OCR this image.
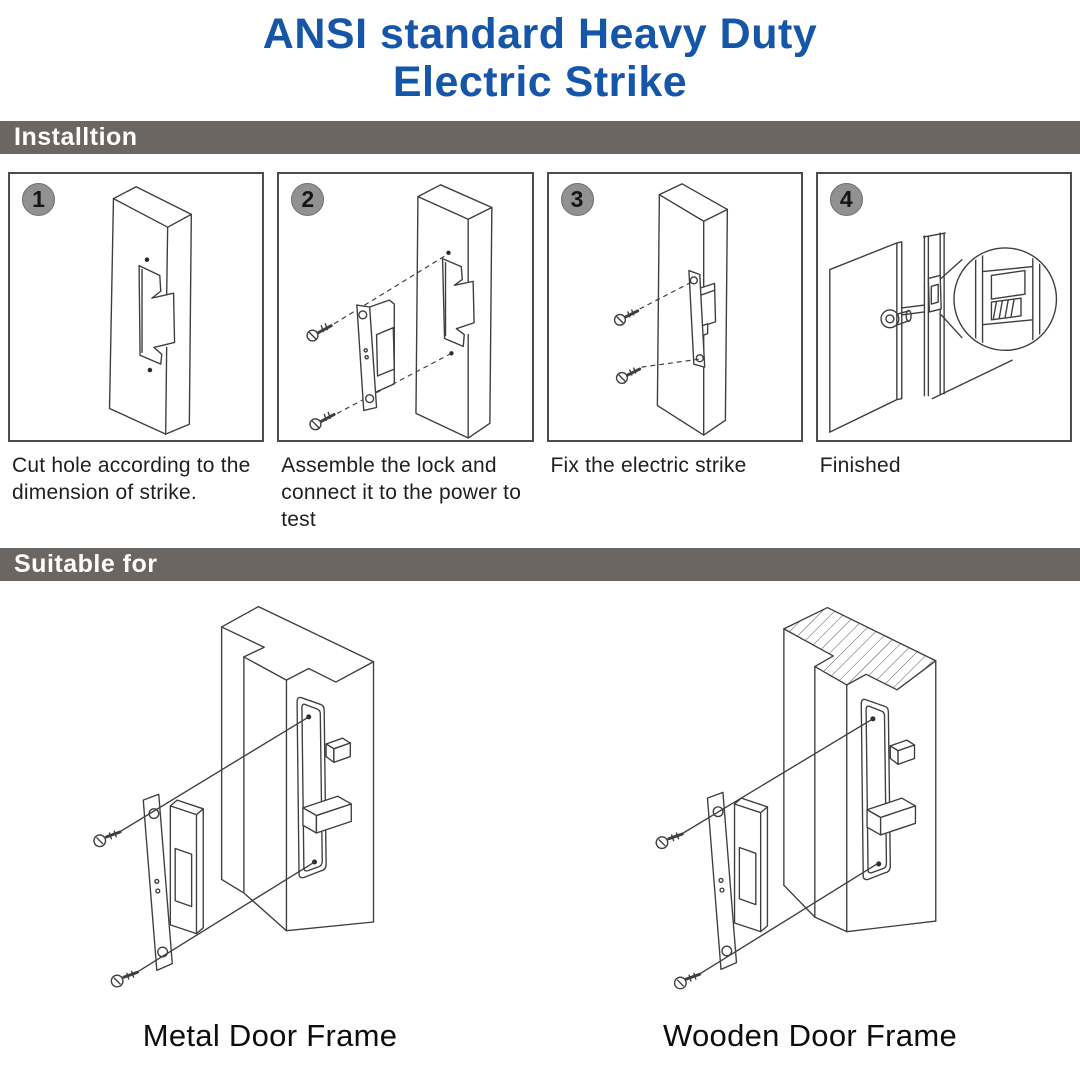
ANSI standard Heavy Duty
Electric Strike
Installtion
1	2	3	4
Cut hole according to the dimension of strike.
Assemble the lock and connect it to the power to test
Fix the electric strike	Finished
Suitable for
Metal Door Frame	Wooden Door Frame
